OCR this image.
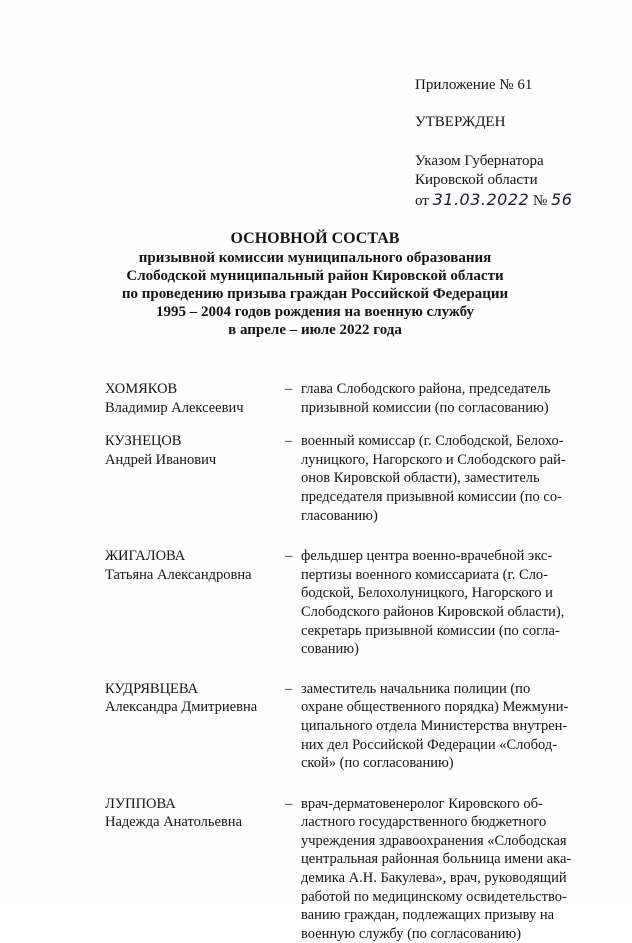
Приложение № 61
УТВЕРЖДЕН
Указом Губернатора
Кировской области
от 31.03.2022 № 56
ОСНОВНОЙ СОСТАВ
призывной комиссии муниципального образования
Слободской муниципальный район Кировской области
по проведению призыва граждан Российской Федерации
1995 – 2004 годов рождения на военную службу
в апреле – июле 2022 года
ХОМЯКОВ
Владимир Алексеевич
– глава Слободского района, председатель
призывной комиссии (по согласованию)
КУЗНЕЦОВ
Андрей Иванович
– военный комиссар (г. Слободской, Белохо-
луницкого, Нагорского и Слободского рай-
онов Кировской области), заместитель
председателя призывной комиссии (по со-
гласованию)
ЖИГАЛОВА
Татьяна Александровна
– фельдшер центра военно-врачебной экс-
пертизы военного комиссариата (г. Сло-
бодской, Белохолуницкого, Нагорского и
Слободского районов Кировской области),
секретарь призывной комиссии (по согла-
сованию)
КУДРЯВЦЕВА
Александра Дмитриевна
– заместитель начальника полиции (по
охране общественного порядка) Межмуни-
ципального отдела Министерства внутрен-
них дел Российской Федерации «Слобод-
ской» (по согласованию)
ЛУППОВА
Надежда Анатольевна
– врач-дерматовенеролог Кировского об-
ластного государственного бюджетного
учреждения здравоохранения «Слободская
центральная районная больница имени ака-
демика А.Н. Бакулева», врач, руководящий
работой по медицинскому освидетельство-
ванию граждан, подлежащих призыву на
военную службу (по согласованию)
